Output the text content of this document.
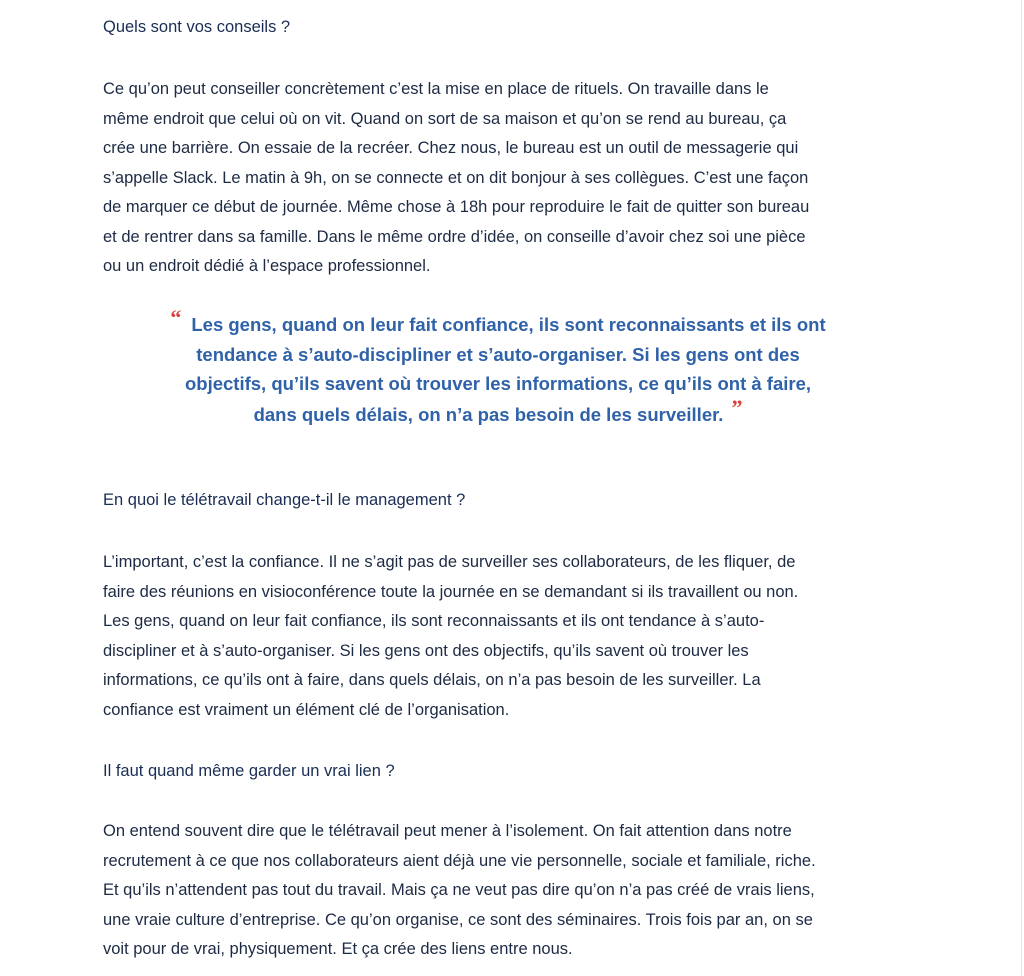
Quels sont vos conseils ?

Ce qu’on peut conseiller concrètement c’est la mise en place de rituels. On travaille dans le
même endroit que celui où on vit. Quand on sort de sa maison et qu’on se rend au bureau, ça
crée une barrière. On essaie de la recréer. Chez nous, le bureau est un outil de messagerie qui
s’appelle Slack. Le matin à 9h, on se connecte et on dit bonjour à ses collègues. C’est une façon
de marquer ce début de journée. Même chose à 18h pour reproduire le fait de quitter son bureau
et de rentrer dans sa famille. Dans le même ordre d’idée, on conseille d’avoir chez soi une pièce
ou un endroit dédié à l’espace professionnel.

“ Les gens, quand on leur fait confiance, ils sont reconnaissants et ils ont
tendance à s’auto-discipliner et s’auto-organiser. Si les gens ont des
objectifs, qu’ils savent où trouver les informations, ce qu’ils ont à faire,
dans quels délais, on n’a pas besoin de les surveiller. ”
En quoi le télétravail change-t-il le management ?

L’important, c’est la confiance. Il ne s’agit pas de surveiller ses collaborateurs, de les fliquer, de
faire des réunions en visioconférence toute la journée en se demandant si ils travaillent ou non.
Les gens, quand on leur fait confiance, ils sont reconnaissants et ils ont tendance à s’auto-
discipliner et à s’auto-organiser. Si les gens ont des objectifs, qu’ils savent où trouver les
informations, ce qu’ils ont à faire, dans quels délais, on n’a pas besoin de les surveiller. La
confiance est vraiment un élément clé de l’organisation.

Il faut quand même garder un vrai lien ?

On entend souvent dire que le télétravail peut mener à l’isolement. On fait attention dans notre
recrutement à ce que nos collaborateurs aient déjà une vie personnelle, sociale et familiale, riche.
Et qu’ils n’attendent pas tout du travail. Mais ça ne veut pas dire qu’on n’a pas créé de vrais liens,
une vraie culture d’entreprise. Ce qu’on organise, ce sont des séminaires. Trois fois par an, on se
voit pour de vrai, physiquement. Et ça crée des liens entre nous.
